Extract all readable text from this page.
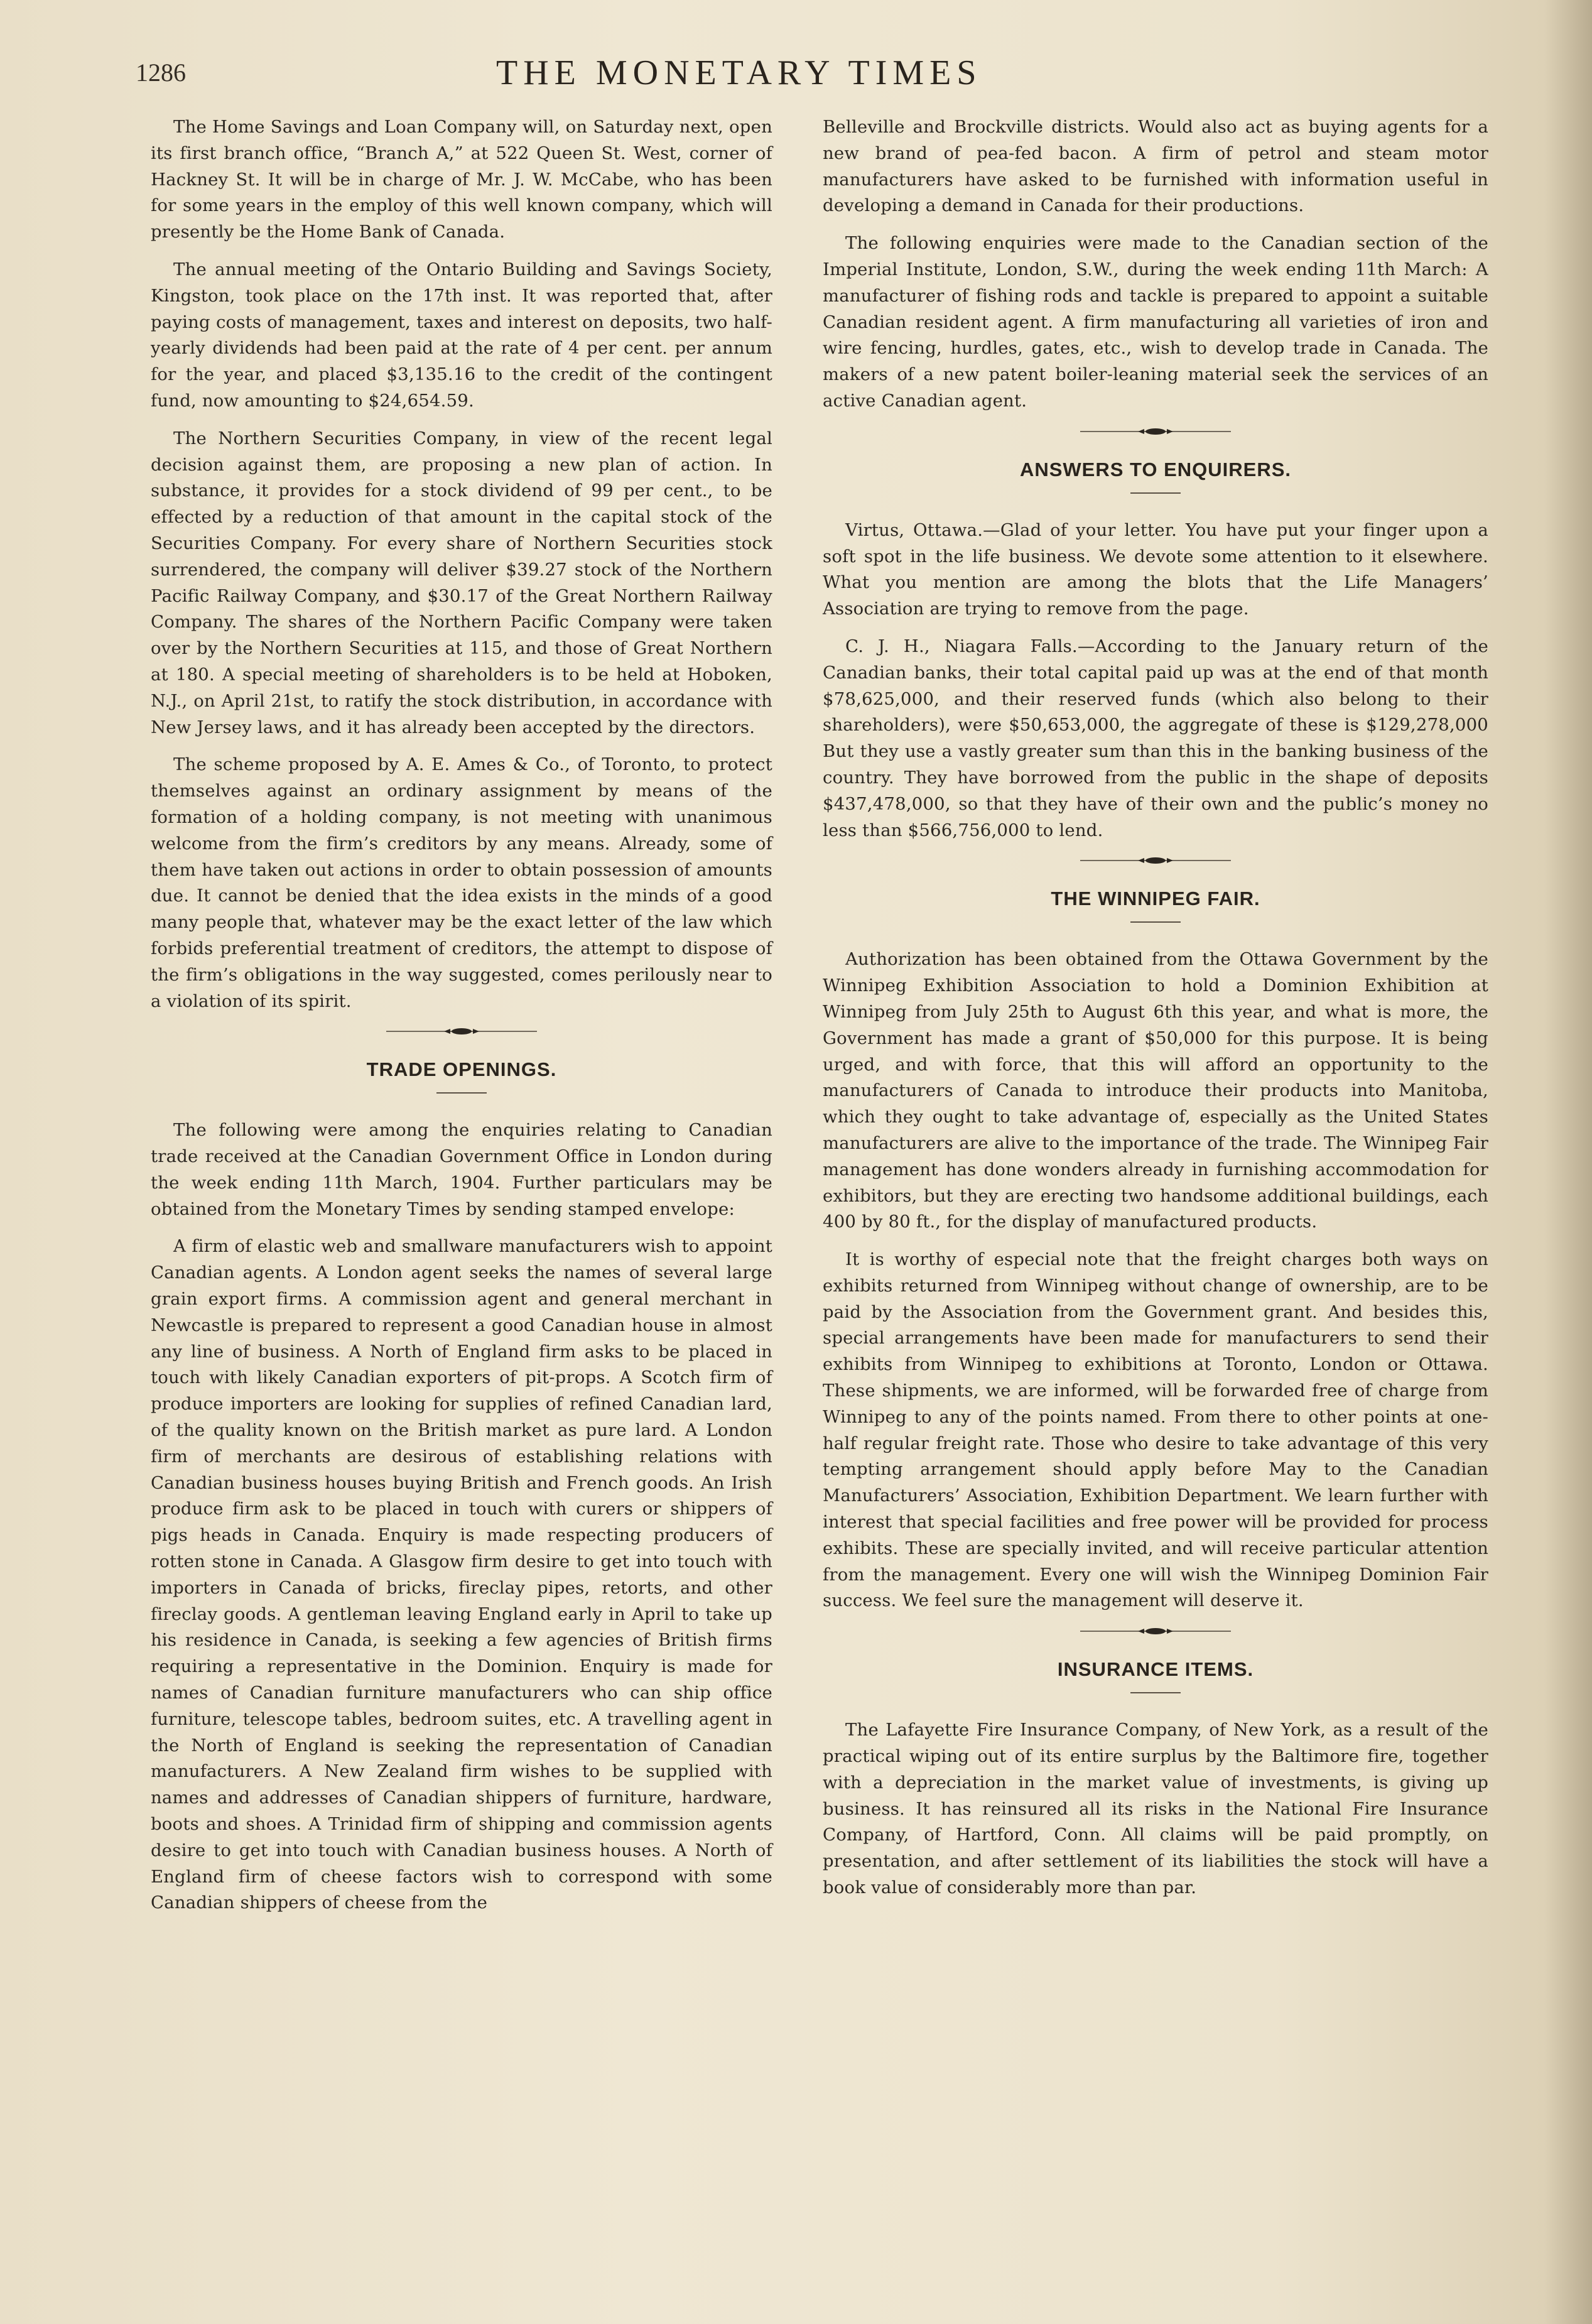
1286	THE MONETARY TIMES

The Home Savings and Loan Company will, on Saturday next, open its first branch office, “Branch A,” at 522 Queen St. West, corner of Hackney St. It will be in charge of Mr. J. W. McCabe, who has been for some years in the employ of this well known company, which will presently be the Home Bank of Canada.

The annual meeting of the Ontario Building and Savings Society, Kingston, took place on the 17th inst. It was reported that, after paying costs of management, taxes and interest on deposits, two half-yearly dividends had been paid at the rate of 4 per cent. per annum for the year, and placed $3,135.16 to the credit of the contingent fund, now amounting to $24,654.59.

The Northern Securities Company, in view of the recent legal decision against them, are proposing a new plan of action. In substance, it provides for a stock dividend of 99 per cent., to be effected by a reduction of that amount in the capital stock of the Securities Company. For every share of Northern Securities stock surrendered, the company will deliver $39.27 stock of the Northern Pacific Railway Company, and $30.17 of the Great Northern Railway Company. The shares of the Northern Pacific Company were taken over by the Northern Securities at 115, and those of Great Northern at 180. A special meeting of shareholders is to be held at Hoboken, N.J., on April 21st, to ratify the stock distribution, in accordance with New Jersey laws, and it has already been accepted by the directors.

The scheme proposed by A. E. Ames & Co., of Toronto, to protect themselves against an ordinary assignment by means of the formation of a holding company, is not meeting with unanimous welcome from the firm’s creditors by any means. Already, some of them have taken out actions in order to obtain possession of amounts due. It cannot be denied that the idea exists in the minds of a good many people that, whatever may be the exact letter of the law which forbids preferential treatment of creditors, the attempt to dispose of the firm’s obligations in the way suggested, comes perilously near to a violation of its spirit.

TRADE OPENINGS.

The following were among the enquiries relating to Canadian trade received at the Canadian Government Office in London during the week ending 11th March, 1904. Further particulars may be obtained from the Monetary Times by sending stamped envelope:

A firm of elastic web and smallware manufacturers wish to appoint Canadian agents. A London agent seeks the names of several large grain export firms. A commission agent and general merchant in Newcastle is prepared to represent a good Canadian house in almost any line of business. A North of England firm asks to be placed in touch with likely Canadian exporters of pit-props. A Scotch firm of produce importers are looking for supplies of refined Canadian lard, of the quality known on the British market as pure lard. A London firm of merchants are desirous of establishing relations with Canadian business houses buying British and French goods. An Irish produce firm ask to be placed in touch with curers or shippers of pigs heads in Canada. Enquiry is made respecting producers of rotten stone in Canada. A Glasgow firm desire to get into touch with importers in Canada of bricks, fireclay pipes, retorts, and other fireclay goods. A gentleman leaving England early in April to take up his residence in Canada, is seeking a few agencies of British firms requiring a representative in the Dominion. Enquiry is made for names of Canadian furniture manufacturers who can ship office furniture, telescope tables, bedroom suites, etc. A travelling agent in the North of England is seeking the representation of Canadian manufacturers. A New Zealand firm wishes to be supplied with names and addresses of Canadian shippers of furniture, hardware, boots and shoes. A Trinidad firm of shipping and commission agents desire to get into touch with Canadian business houses. A North of England firm of cheese factors wish to correspond with some Canadian shippers of cheese from the

Belleville and Brockville districts. Would also act as buying agents for a new brand of pea-fed bacon. A firm of petrol and steam motor manufacturers have asked to be furnished with information useful in developing a demand in Canada for their productions.

The following enquiries were made to the Canadian section of the Imperial Institute, London, S.W., during the week ending 11th March: A manufacturer of fishing rods and tackle is prepared to appoint a suitable Canadian resident agent. A firm manufacturing all varieties of iron and wire fencing, hurdles, gates, etc., wish to develop trade in Canada. The makers of a new patent boiler-leaning material seek the services of an active Canadian agent.

ANSWERS TO ENQUIRERS.

Virtus, Ottawa.—Glad of your letter. You have put your finger upon a soft spot in the life business. We devote some attention to it elsewhere. What you mention are among the blots that the Life Managers’ Association are trying to remove from the page.

C. J. H., Niagara Falls.—According to the January return of the Canadian banks, their total capital paid up was at the end of that month $78,625,000, and their reserved funds (which also belong to their shareholders), were $50,653,000, the aggregate of these is $129,278,000 But they use a vastly greater sum than this in the banking business of the country. They have borrowed from the public in the shape of deposits $437,478,000, so that they have of their own and the public’s money no less than $566,756,000 to lend.

THE WINNIPEG FAIR.

Authorization has been obtained from the Ottawa Government by the Winnipeg Exhibition Association to hold a Dominion Exhibition at Winnipeg from July 25th to August 6th this year, and what is more, the Government has made a grant of $50,000 for this purpose. It is being urged, and with force, that this will afford an opportunity to the manufacturers of Canada to introduce their products into Manitoba, which they ought to take advantage of, especially as the United States manufacturers are alive to the importance of the trade. The Winnipeg Fair management has done wonders already in furnishing accommodation for exhibitors, but they are erecting two handsome additional buildings, each 400 by 80 ft., for the display of manufactured products.

It is worthy of especial note that the freight charges both ways on exhibits returned from Winnipeg without change of ownership, are to be paid by the Association from the Government grant. And besides this, special arrangements have been made for manufacturers to send their exhibits from Winnipeg to exhibitions at Toronto, London or Ottawa. These shipments, we are informed, will be forwarded free of charge from Winnipeg to any of the points named. From there to other points at one-half regular freight rate. Those who desire to take advantage of this very tempting arrangement should apply before May to the Canadian Manufacturers’ Association, Exhibition Department. We learn further with interest that special facilities and free power will be provided for process exhibits. These are specially invited, and will receive particular attention from the management. Every one will wish the Winnipeg Dominion Fair success. We feel sure the management will deserve it.

INSURANCE ITEMS.

The Lafayette Fire Insurance Company, of New York, as a result of the practical wiping out of its entire surplus by the Baltimore fire, together with a depreciation in the market value of investments, is giving up business. It has reinsured all its risks in the National Fire Insurance Company, of Hartford, Conn. All claims will be paid promptly, on presentation, and after settlement of its liabilities the stock will have a book value of considerably more than par.
